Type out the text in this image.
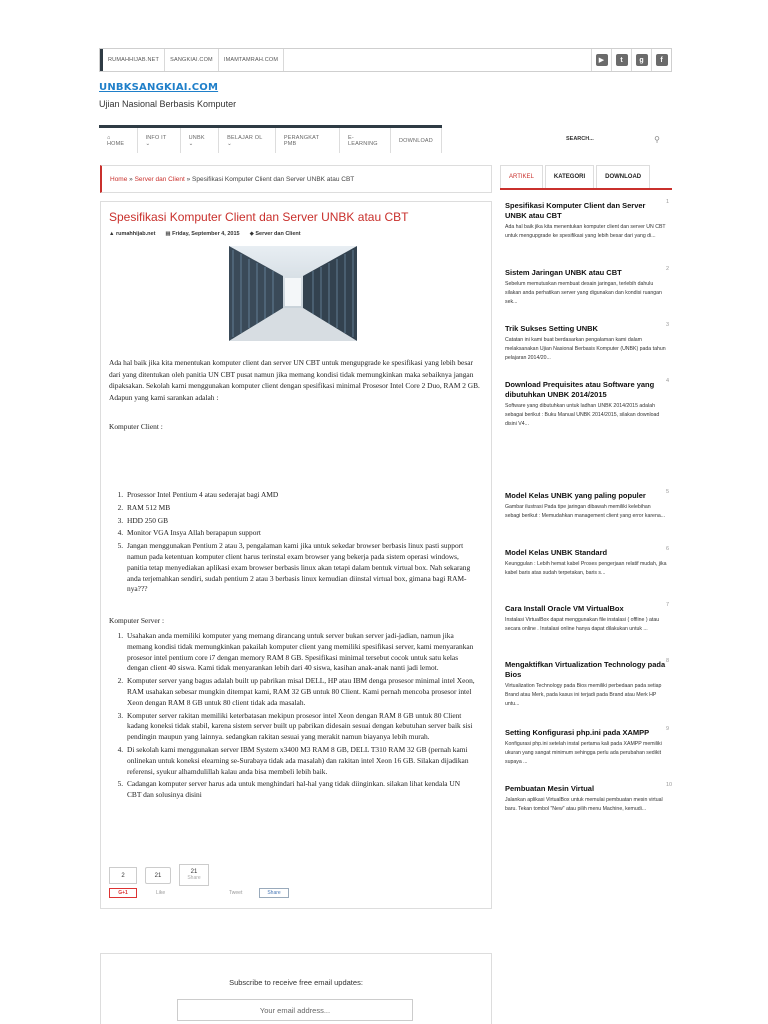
RUMAHHIJAB.NET	SANGKIAI.COM	IMAMTAMRAH.COM	▶	t	g	f
UNBKSANGKIAI.COM
Ujian Nasional Berbasis Komputer
⌂ HOME
INFO IT ⌄
UNBK ⌄
BELAJAR OL ⌄
PERANGKAT PMB
E-LEARNING	DOWNLOAD	SEARCH...	⚲
Home » Server dan Client » Spesifikasi Komputer Client dan Server UNBK atau CBT
Spesifikasi Komputer Client dan Server UNBK atau CBT
▲ rumahhijab.net ▦ Friday, September 4, 2015 ◆ Server dan Client

Ada hal baik jika kita menentukan komputer client dan server UN CBT untuk mengupgrade ke spesifikasi yang lebih besar dari yang ditentukan oleh panitia UN CBT pusat namun jika memang kondisi tidak memungkinkan maka sebaiknya jangan dipaksakan. Sekolah kami menggunakan komputer client dengan spesifikasi minimal Prosesor Intel Core 2 Duo, RAM 2 GB. Adapun yang kami sarankan adalah :

Komputer Client :

1. Prosessor Intel Pentium 4 atau sederajat bagi AMD
2. RAM 512 MB
3. HDD 250 GB
4. Monitor VGA Insya Allah berapapun support
5. Jangan menggunakan Pentium 2 atau 3, pengalaman kami jika untuk sekedar browser berbasis linux pasti support namun pada ketentuan komputer client harus terinstal exam browser yang bekerja pada sistem operasi windows, panitia tetap menyediakan aplikasi exam browser berbasis linux akan tetapi dalam bentuk virtual box. Nah sekarang anda terjemahkan sendiri, sudah pentium 2 atau 3 berbasis linux kemudian diinstal virtual box, gimana bagi RAM-nya???

Komputer Server :

1. Usahakan anda memiliki komputer yang memang dirancang untuk server bukan server jadi-jadian, namun jika memang kondisi tidak memungkinkan pakailah komputer client yang memiliki spesifikasi server, kami menyarankan prosesor intel pentium core i7 dengan memory RAM 8 GB. Spesifikasi minimal tersebut cocok untuk satu kelas dengan client 40 siswa. Kami tidak menyarankan lebih dari 40 siswa, kasihan anak-anak nanti jadi lemot.
2. Komputer server yang bagus adalah built up pabrikan misal DELL, HP atau IBM denga prosesor minimal intel Xeon, RAM usahakan sebesar mungkin ditempat kami, RAM 32 GB untuk 80 Client. Kami pernah mencoba prosesor intel Xeon dengan RAM 8 GB untuk 80 client tidak ada masalah.
3. Komputer server rakitan memiliki keterbatasan mekipun prosesor intel Xeon dengan RAM 8 GB untuk 80 Client kadang koneksi tidak stabil, karena sistem server built up pabrikan didesain sesuai dengan kebutuhan server baik sisi pendingin maupun yang lainnya. sedangkan rakitan sesuai yang merakit namun biayanya lebih murah.
4. Di sekolah kami menggunakan server IBM System x3400 M3 RAM 8 GB, DELL T310 RAM 32 GB (pernah kami onlinekan untuk koneksi elearning se-Surabaya tidak ada masalah) dan rakitan intel Xeon 16 GB. Silakan dijadikan referensi, syukur alhamdulillah kalau anda bisa membeli lebih baik.
5. Cadangan komputer server harus ada untuk menghindari hal-hal yang tidak diinginkan. silakan lihat kendala UN CBT dan solusinya disini
2	21
21
Share
G+1	Like	Tweet	Share
Subscribe to receive free email updates:
Your email address...
ARTIKEL	KATEGORI	DOWNLOAD
1
Spesifikasi Komputer Client dan Server UNBK atau CBT
Ada hal baik jika kita menentukan komputer client dan server UN CBT untuk mengupgrade ke spesifikasi yang lebih besar dari yang di...
2
Sistem Jaringan UNBK atau CBT
Sebelum memutuskan membuat desain jaringan, terlebih dahulu silakan anda perhatikan server yang digunakan dan kondisi ruangan sek...
3
Trik Sukses Setting UNBK
Catatan ini kami buat berdasarkan pengalaman kami dalam melaksanakan Ujian Nasional Berbasis Komputer (UNBK) pada tahun pelajaran 2014/20...
4
Download Prequisites atau Software yang dibutuhkan UNBK 2014/2015
Software yang dibutuhkan untuk ladhan UNBK 2014/2015 adalah sebagai berikut : Buku Manual UNBK 2014/2015, silakan download disini V4...
5
Model Kelas UNBK yang paling populer
Gambar ilustrasi Pada tipe jaringan dibawah memiliki kelebihan sebagi berikut : Memudahkan management client yang error karena...
6
Model Kelas UNBK Standard
Keunggulan : Lebih hemat kabel Proses pengerjaan relatif mudah, jika kabel baris atas sudah terpetakan, baris s...
7
Cara Install Oracle VM VirtualBox
Instalasi VirtualBox dapat menggunakan file instalasi ( offline ) atau secara online . Instalasi online hanya dapat dilakukan untuk ...
8
Mengaktifkan Virtualization Technology pada Bios
Virtualization Technology pada Bios memiliki perbedaan pada setiap Brand atau Merk, pada kasus ini terjadi pada Brand atau Merk HP untu...
9
Setting Konfigurasi php.ini pada XAMPP
Konfigurasi php.ini setelah instal pertama kali pada XAMPP memiliki ukuran yang sangat minimum sehingga perlu ada perubahan sedikit supaya ...
10
Pembuatan Mesin Virtual
Jalankan aplikasi VirtualBox untuk memulai pembuatan mesin virtual baru. Tekan tombol "New" atau pilih menu Machine, kemudi...
